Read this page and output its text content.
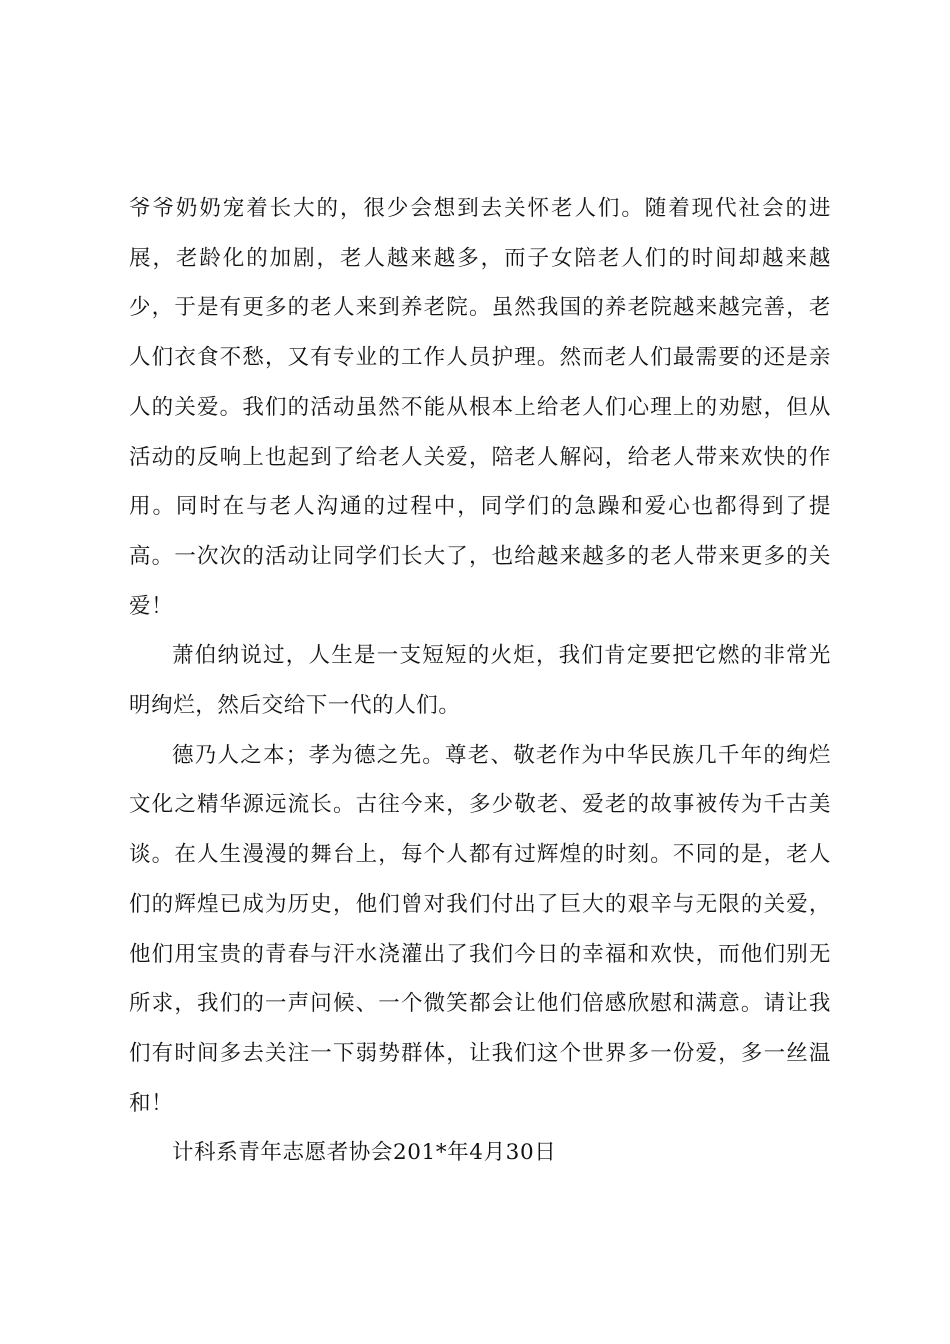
爷爷奶奶宠着长大的，很少会想到去关怀老人们。随着现代社会的进展，老龄化的加剧，老人越来越多，而子女陪老人们的时间却越来越少，于是有更多的老人来到养老院。虽然我国的养老院越来越完善，老人们衣食不愁，又有专业的工作人员护理。然而老人们最需要的还是亲人的关爱。我们的活动虽然不能从根本上给老人们心理上的劝慰，但从活动的反响上也起到了给老人关爱，陪老人解闷，给老人带来欢快的作用。同时在与老人沟通的过程中，同学们的急躁和爱心也都得到了提高。一次次的活动让同学们长大了，也给越来越多的老人带来更多的关爱！

萧伯纳说过，人生是一支短短的火炬，我们肯定要把它燃的非常光明绚烂，然后交给下一代的人们。

德乃人之本；孝为德之先。尊老、敬老作为中华民族几千年的绚烂文化之精华源远流长。古往今来，多少敬老、爱老的故事被传为千古美谈。在人生漫漫的舞台上，每个人都有过辉煌的时刻。不同的是，老人们的辉煌已成为历史，他们曾对我们付出了巨大的艰辛与无限的关爱，他们用宝贵的青春与汗水浇灌出了我们今日的幸福和欢快，而他们别无所求，我们的一声问候、一个微笑都会让他们倍感欣慰和满意。请让我们有时间多去关注一下弱势群体，让我们这个世界多一份爱，多一丝温和！

计科系青年志愿者协会201*年4月30日
